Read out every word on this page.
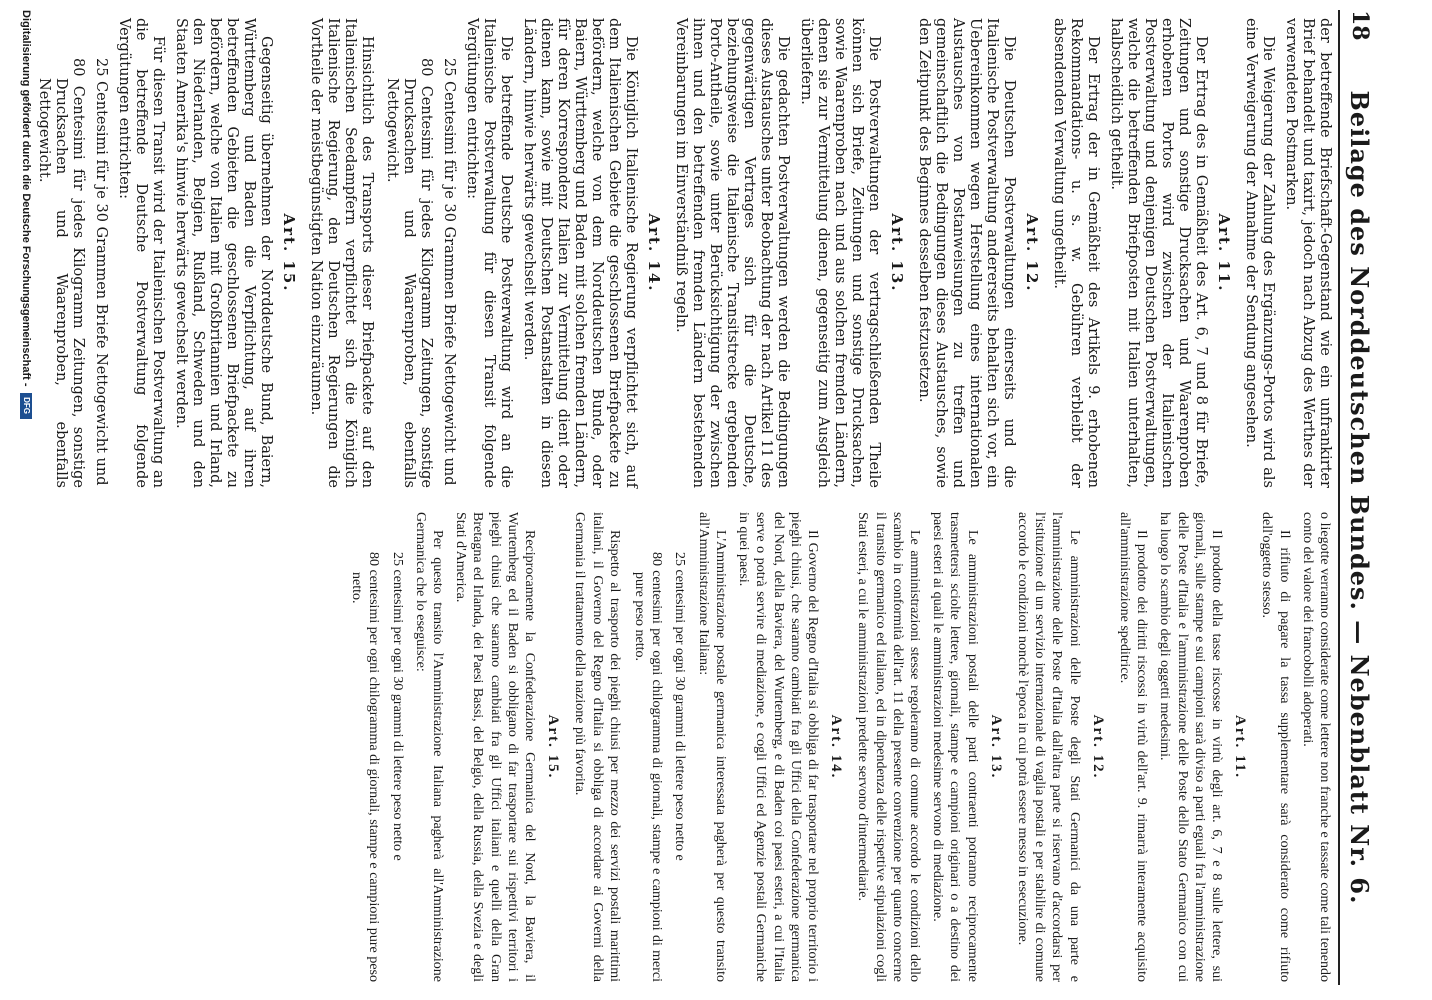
18
Beilage des Norddeutschen Bundes. — Nebenblatt Nr. 6.

der betreffende Briefschaft-Gegenstand wie ein unfrankirter Brief behandelt und taxirt, jedoch nach Abzug des Werthes der verwendeten Postmarken.

Die Weigerung der Zahlung des Ergänzungs-Portos wird als eine Verweigerung der Annahme der Sendung angesehen.

Art. 11.

Der Ertrag des in Gemäßheit des Art. 6, 7 und 8 für Briefe, Zeitungen und sonstige Drucksachen und Waarenproben erhobenen Portos wird zwischen der Italienischen Postverwaltung und denjenigen Deutschen Postverwaltungen, welche die betreffenden Briefposten mit Italien unterhalten, halbscheidlich getheilt.

Der Ertrag der in Gemäßheit des Artikels 9. erhobenen Rekommandations- u. s. w. Gebühren verbleibt der absendenden Verwaltung ungetheilt.

Art. 12.

Die Deutschen Postverwaltungen einerseits und die Italienische Postverwaltung andererseits behalten sich vor, ein Uebereinkommen wegen Herstellung eines internationalen Austausches von Postanweisungen zu treffen und gemeinschaftlich die Bedingungen dieses Austausches, sowie den Zeitpunkt des Beginnes desselben festzusetzen.

Art. 13.

Die Postverwaltungen der vertragschließenden Theile können sich Briefe, Zeitungen und sonstige Drucksachen, sowie Waarenproben nach und aus solchen fremden Ländern, denen sie zur Vermittelung dienen, gegenseitig zum Ausgleich überliefern.

Die gedachten Postverwaltungen werden die Bedingungen dieses Austausches unter Beobachtung der nach Artikel 11 des gegenwärtigen Vertrages sich für die Deutsche, beziehungsweise die Italienische Transitstrecke ergebenden Porto-Antheile, sowie unter Berücksichtigung der zwischen ihnen und den betreffenden fremden Ländern bestehenden Vereinbarungen im Einverständniß regeln.

Art. 14.

Die Königlich Italienische Regierung verpflichtet sich, auf dem Italienischen Gebiete die geschlossenen Briefpackete zu befördern, welche von dem Norddeutschen Bunde, oder Baiern, Württemberg und Baden mit solchen fremden Ländern, für deren Korrespondenz Italien zur Vermittelung dient oder dienen kann, sowie mit Deutschen Postanstalten in diesen Ländern, hinwie herwärts gewechselt werden.

Die betreffende Deutsche Postverwaltung wird an die Italienische Postverwaltung für diesen Transit folgende Vergütungen entrichten:

25 Centesimi für je 30 Grammen Briefe Nettogewicht und
80 Centesimi für jedes Kilogramm Zeitungen, sonstige Drucksachen und Waarenproben, ebenfalls Nettogewicht.

Hinsichtlich des Transports dieser Briefpackete auf den Italienischen Seedampfern verpflichtet sich die Königlich Italienische Regierung, den Deutschen Regierungen die Vortheile der meistbegünstigten Nation einzuräumen.

Art. 15.

Gegenseitig übernehmen der Norddeutsche Bund, Baiern, Württemberg und Baden die Verpflichtung, auf ihren betreffenden Gebieten die geschlossenen Briefpackete zu befördern, welche von Italien mit Großbritannien und Irland, den Niederlanden, Belgien, Rußland, Schweden und den Staaten Amerika's hinwie herwärts gewechselt werden.

Für diesen Transit wird der Italienischen Postverwaltung an die betreffende Deutsche Postverwaltung folgende Vergütungen entrichten:

25 Centesimi für je 30 Grammen Briefe Nettogewicht und
80 Centesimi für jedes Kilogramm Zeitungen, sonstige Drucksachen und Waarenproben, ebenfalls Nettogewicht.

o liegotte verranno considerate come lettere non franche e tassate come tali tenendo conto del valore dei francobolli adoperati.

Il rifiuto di pagare la tassa supplementare sarà considerato come rifiuto dell'oggetto stesso.

Art. 11.

Il prodotto della tasse riscosse in virtù degli art. 6, 7 e 8 sulle lettere, sui giornali, sulle stampe e sui campioni sarà diviso a parti eguali fra l'amministrazione delle Poste d'Italia e l'amministrazione delle Poste dello Stato Germanico con cui ha luogo lo scambio degli oggetti medesimi.

Il prodotto dei diritti riscossi in virtù dell'art. 9. rimarrà interamente acquisito all'amministrazione speditrice.

Art. 12.

Le amministrazioni delle Poste degli Stati Germanici da una parte e l'amministrazione delle Poste d'Italia dall'altra parte si riservano d'accordarsi per l'istituzione di un servizio internazionale di vaglia postali e per stabilire di comune accordo le condizioni nonchè l'epoca in cui potrà essere messo in esecuzione.

Art. 13.

Le amministrazioni postali delle parti contraenti potranno reciprocamente trasmettersi sciolte lettere, giornali, stampe e campioni originari o a destino dei paesi esteri ai quali le amministrazioni medesime servono di mediazione.

Le amministrazioni stesse regoleranno di comune accordo le condizioni dello scambio in conformità dell'art. 11 della presente convenzione per quanto concerne il transito germanico ed italiano, ed in dipendenza delle rispettive stipulazioni cogli Stati esteri, a cui le amministrazioni predette servono d'intermediarie.

Art. 14.

Il Governo del Regno d'Italia si obbliga di far trasportare nel proprio territorio i pieghi chiusi, che saranno cambiati fra gli Uffici della Confederazione germanica del Nord, della Baviera, del Wurtemberg, e di Baden coi paesi esteri, a cui l'Italia serve o potrà servire di mediazione, e cogli Uffici ed Agenzie postali Germaniche in quei paesi.

L'Amministrazione postale germanica interessata pagherà per questo transito all'Amministrazione Italiana:

25 centesimi per ogni 30 grammi di lettere peso netto e
80 centesimi per ogni chilogramma di giornali, stampe e campioni di merci pure peso netto.

Rispetto al trasporto dei pieghi chiusi per mezzo dei servizi postali marittimi italiani, il Governo del Regno d'Italia si obbliga di accordare ai Governi della Germania il trattamento della nazione più favorita.

Art. 15.

Reciprocamente la Confederazione Germanica del Nord, la Baviera, il Wurtemberg ed il Baden si obbligano di far trasportare sui rispettivi territori i pieghi chiusi che saranno cambiati fra gli Uffici italiani e quelli della Gran Bretagna ed Irlanda, dei Paesi Bassi, del Belgio, della Russia, della Svezia e degli Stati d'America.

Per questo transito l'Amministrazione Italiana pagherà all'Amministrazione Germanica che lo eseguisce:

25 centesimi per ogni 30 grammi di lettere peso netto e
80 centesimi per ogni chilogramma di giornali, stampe e campioni pure peso netto.
Digitalisierung gefördert durch die Deutsche Forschungsgemeinschaft -
DFG
